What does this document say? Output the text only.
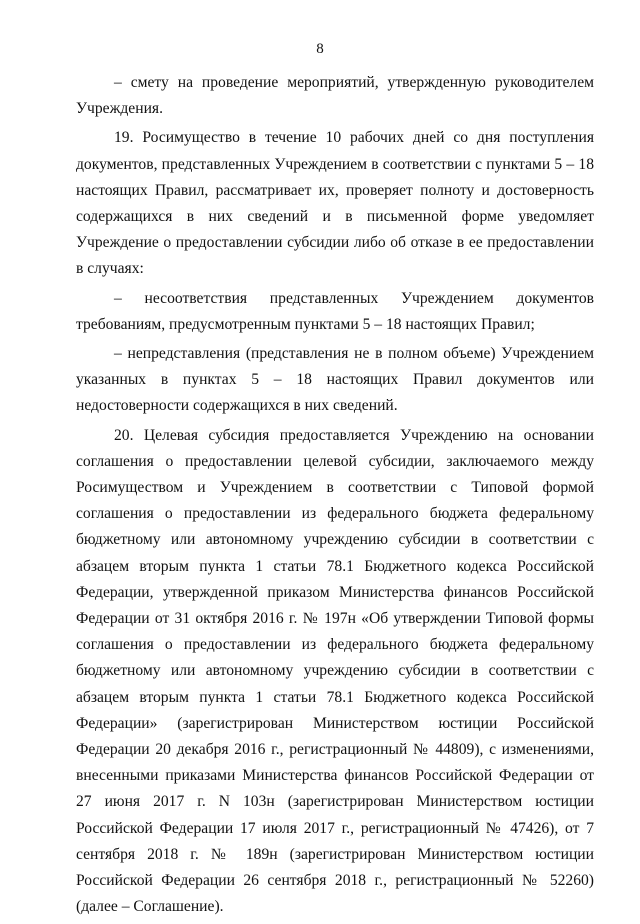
8

– смету на проведение мероприятий, утвержденную руководителем Учреждения.

19. Росимущество в течение 10 рабочих дней со дня поступления документов, представленных Учреждением в соответствии с пунктами 5 – 18 настоящих Правил, рассматривает их, проверяет полноту и достоверность содержащихся в них сведений и в письменной форме уведомляет Учреждение о предоставлении субсидии либо об отказе в ее предоставлении в случаях:

– несоответствия представленных Учреждением документов требованиям, предусмотренным пунктами 5 – 18 настоящих Правил;

– непредставления (представления не в полном объеме) Учреждением указанных в пунктах 5 – 18 настоящих Правил документов или недостоверности содержащихся в них сведений.

20. Целевая субсидия предоставляется Учреждению на основании соглашения о предоставлении целевой субсидии, заключаемого между Росимуществом и Учреждением в соответствии с Типовой формой соглашения о предоставлении из федерального бюджета федеральному бюджетному или автономному учреждению субсидии в соответствии с абзацем вторым пункта 1 статьи 78.1 Бюджетного кодекса Российской Федерации, утвержденной приказом Министерства финансов Российской Федерации от 31 октября 2016 г. № 197н «Об утверждении Типовой формы соглашения о предоставлении из федерального бюджета федеральному бюджетному или автономному учреждению субсидии в соответствии с абзацем вторым пункта 1 статьи 78.1 Бюджетного кодекса Российской Федерации» (зарегистрирован Министерством юстиции Российской Федерации 20 декабря 2016 г., регистрационный № 44809), с изменениями, внесенными приказами Министерства финансов Российской Федерации от 27 июня 2017 г. N 103н (зарегистрирован Министерством юстиции Российской Федерации 17 июля 2017 г., регистрационный № 47426), от 7 сентября 2018 г. № 189н (зарегистрирован Министерством юстиции Российской Федерации 26 сентября 2018 г., регистрационный № 52260) (далее – Соглашение).
